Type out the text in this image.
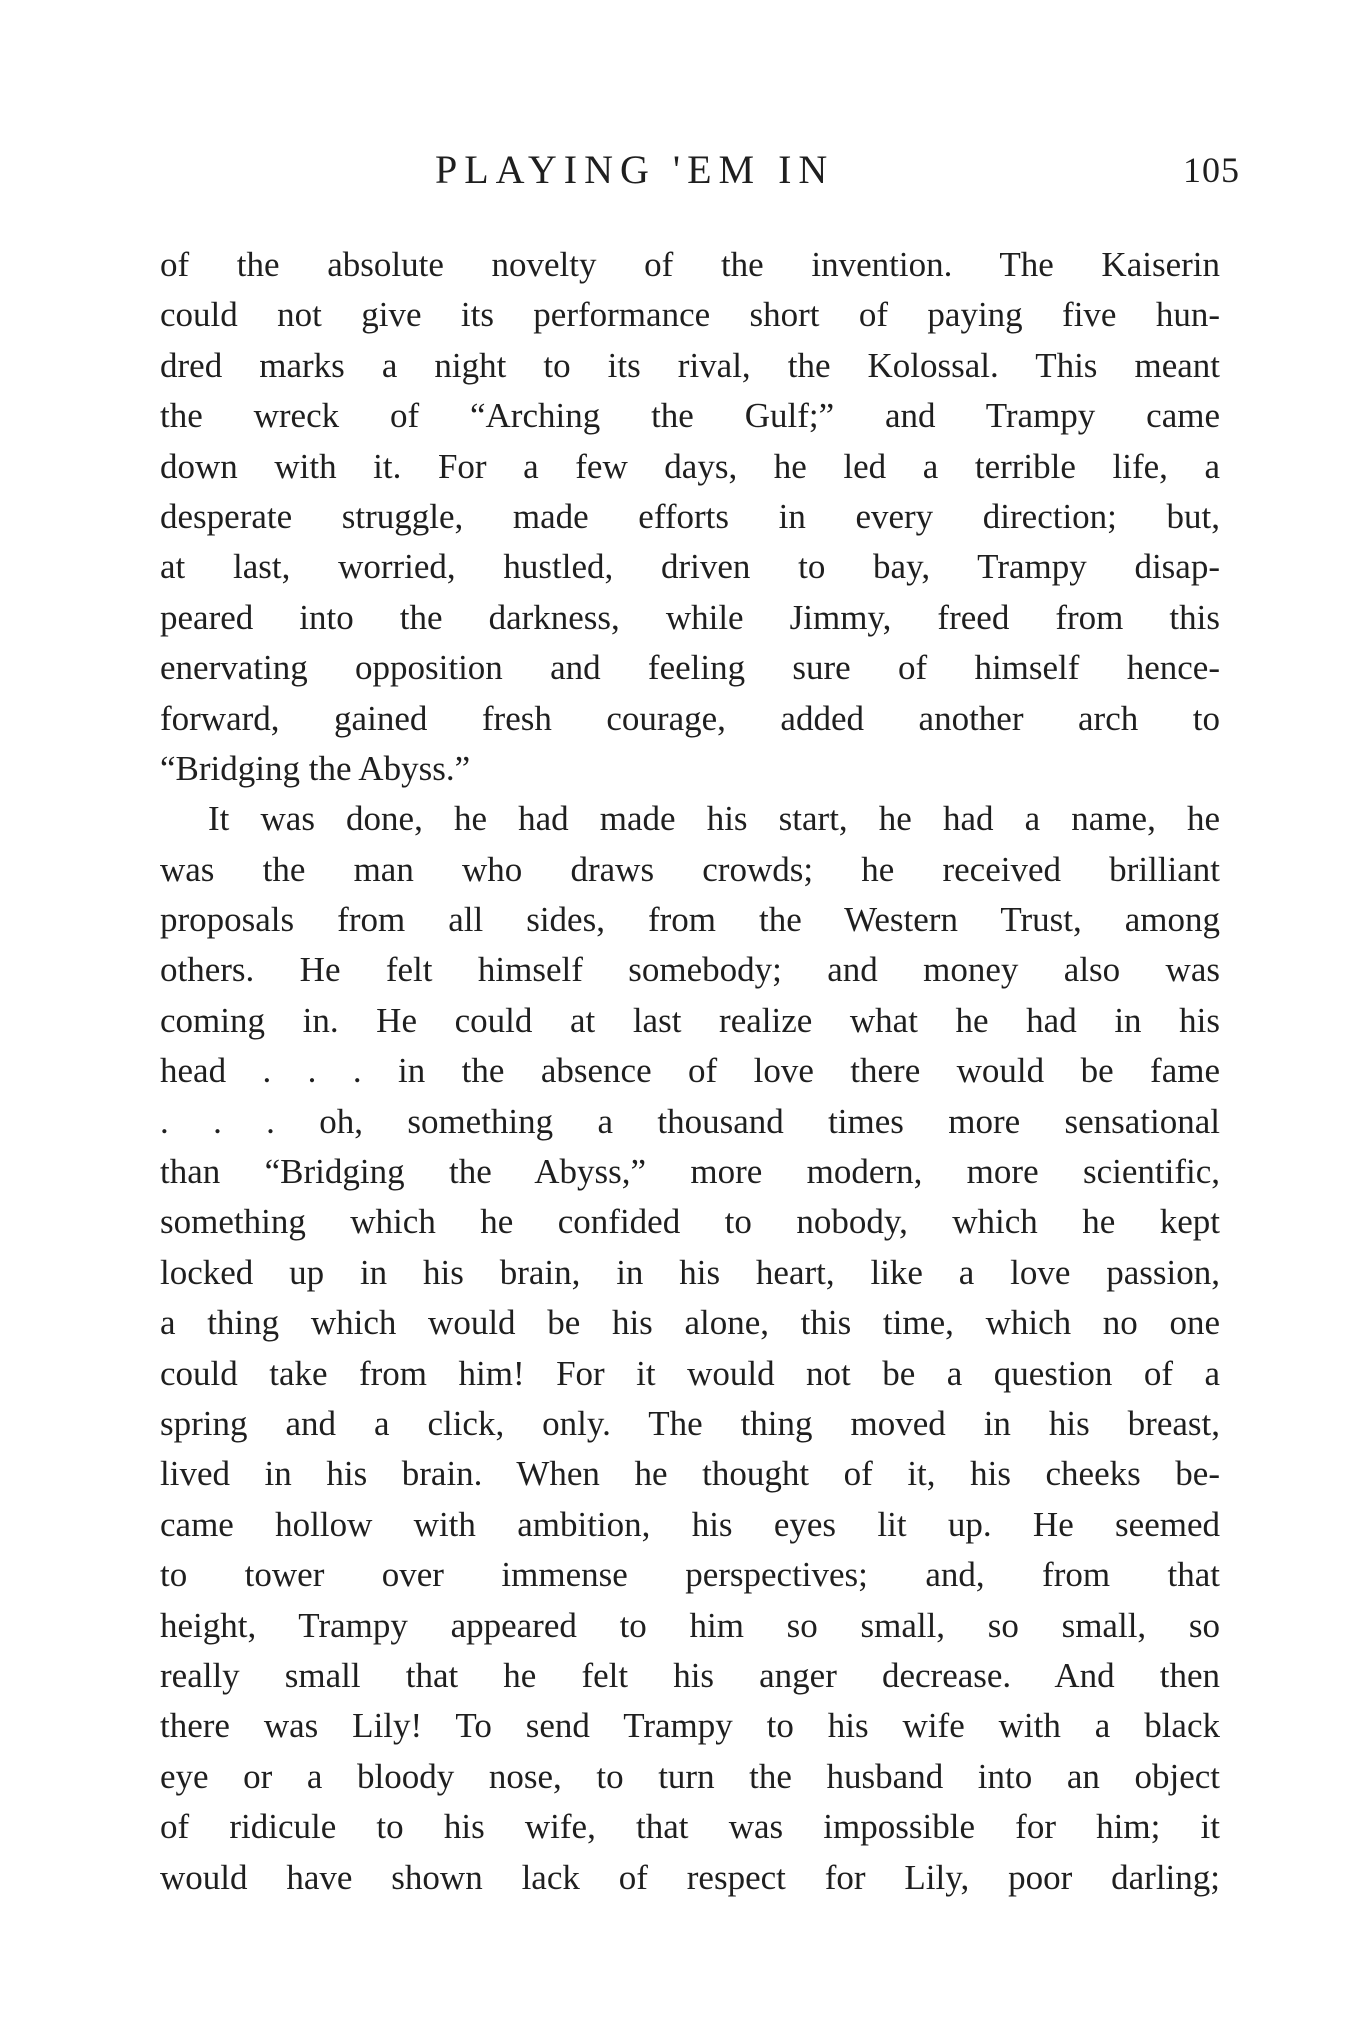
PLAYING 'EM IN	105
of the absolute novelty of the invention. The Kaiserin
could not give its performance short of paying five hun-
dred marks a night to its rival, the Kolossal. This meant
the wreck of “Arching the Gulf;” and Trampy came
down with it. For a few days, he led a terrible life, a
desperate struggle, made efforts in every direction; but,
at last, worried, hustled, driven to bay, Trampy disap-
peared into the darkness, while Jimmy, freed from this
enervating opposition and feeling sure of himself hence-
forward, gained fresh courage, added another arch to
“Bridging the Abyss.”
It was done, he had made his start, he had a name, he
was the man who draws crowds; he received brilliant
proposals from all sides, from the Western Trust, among
others. He felt himself somebody; and money also was
coming in. He could at last realize what he had in his
head . . . in the absence of love there would be fame
. . . oh, something a thousand times more sensational
than “Bridging the Abyss,” more modern, more scientific,
something which he confided to nobody, which he kept
locked up in his brain, in his heart, like a love passion,
a thing which would be his alone, this time, which no one
could take from him! For it would not be a question of a
spring and a click, only. The thing moved in his breast,
lived in his brain. When he thought of it, his cheeks be-
came hollow with ambition, his eyes lit up. He seemed
to tower over immense perspectives; and, from that
height, Trampy appeared to him so small, so small, so
really small that he felt his anger decrease. And then
there was Lily! To send Trampy to his wife with a black
eye or a bloody nose, to turn the husband into an object
of ridicule to his wife, that was impossible for him; it
would have shown lack of respect for Lily, poor darling;
